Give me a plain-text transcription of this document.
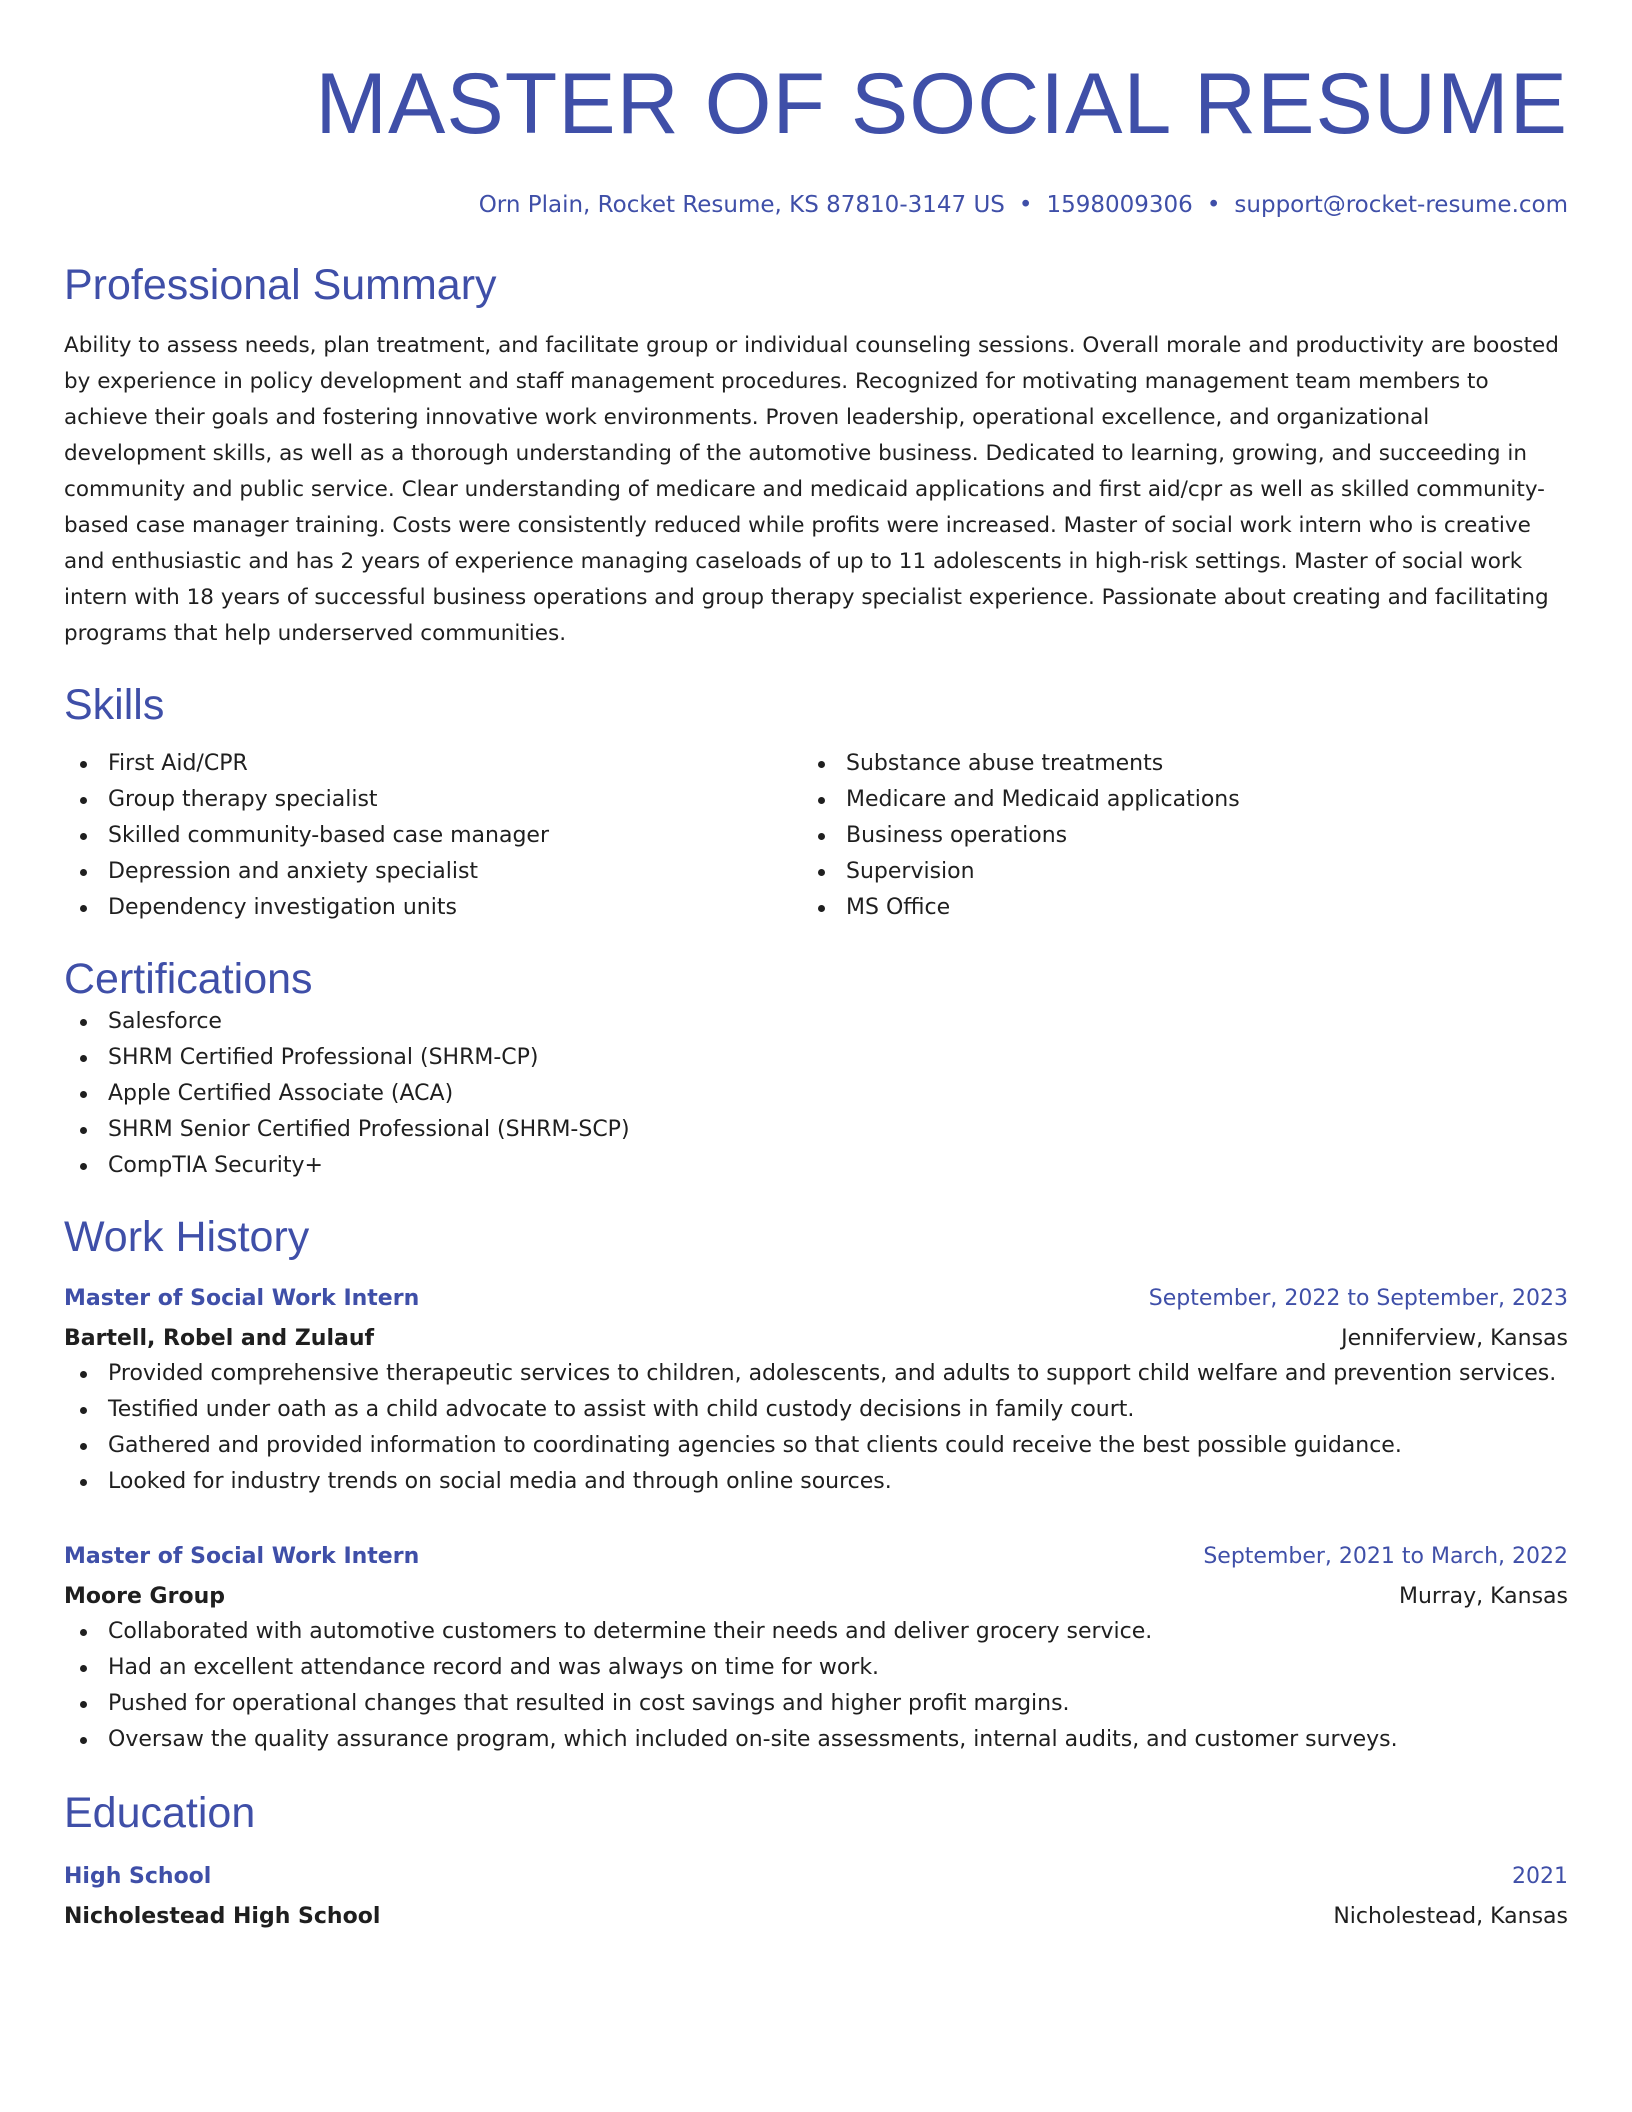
MASTER OF SOCIAL RESUME
Orn Plain, Rocket Resume, KS 87810-3147 US • 1598009306 • support@rocket-resume.com
Professional Summary

Ability to assess needs, plan treatment, and facilitate group or individual counseling sessions. Overall morale and productivity are boosted by experience in policy development and staff management procedures. Recognized for motivating management team members to achieve their goals and fostering innovative work environments. Proven leadership, operational excellence, and organizational development skills, as well as a thorough understanding of the automotive business. Dedicated to learning, growing, and succeeding in community and public service. Clear understanding of medicare and medicaid applications and first aid/cpr as well as skilled community-based case manager training. Costs were consistently reduced while profits were increased. Master of social work intern who is creative and enthusiastic and has 2 years of experience managing caseloads of up to 11 adolescents in high-risk settings. Master of social work intern with 18 years of successful business operations and group therapy specialist experience. Passionate about creating and facilitating programs that help underserved communities.

Skills
First Aid/CPR
Group therapy specialist
Skilled community-based case manager
Depression and anxiety specialist
Dependency investigation units
Substance abuse treatments
Medicare and Medicaid applications
Business operations
Supervision
MS Office
Certifications
Salesforce
SHRM Certified Professional (SHRM-CP)
Apple Certified Associate (ACA)
SHRM Senior Certified Professional (SHRM-SCP)
CompTIA Security+
Work History
Master of Social Work Intern	September, 2022 to September, 2023
Bartell, Robel and Zulauf	Jenniferview, Kansas
Provided comprehensive therapeutic services to children, adolescents, and adults to support child welfare and prevention services.
Testified under oath as a child advocate to assist with child custody decisions in family court.
Gathered and provided information to coordinating agencies so that clients could receive the best possible guidance.
Looked for industry trends on social media and through online sources.
Master of Social Work Intern	September, 2021 to March, 2022
Moore Group	Murray, Kansas
Collaborated with automotive customers to determine their needs and deliver grocery service.
Had an excellent attendance record and was always on time for work.
Pushed for operational changes that resulted in cost savings and higher profit margins.
Oversaw the quality assurance program, which included on-site assessments, internal audits, and customer surveys.
Education
High School	2021
Nicholestead High School	Nicholestead, Kansas
